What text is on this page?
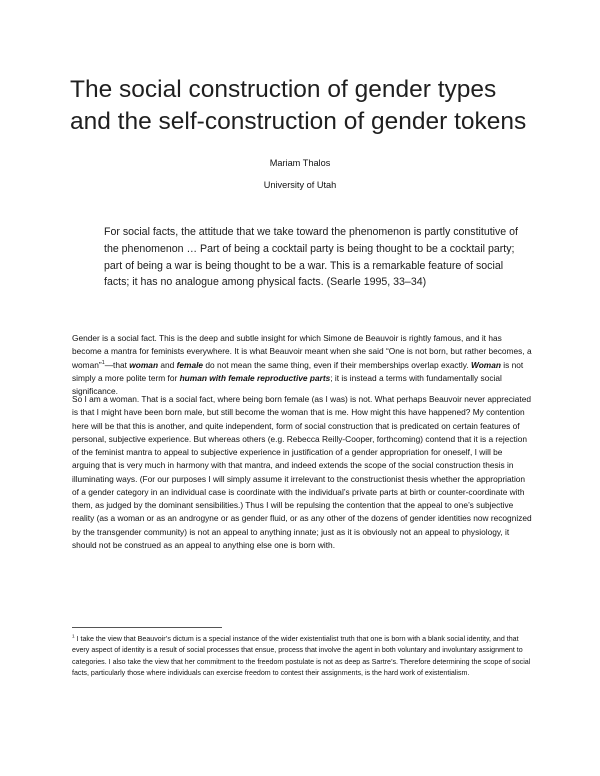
The social construction of gender types and the self-construction of gender tokens
Mariam Thalos
University of Utah
For social facts, the attitude that we take toward the phenomenon is partly constitutive of the phenomenon … Part of being a cocktail party is being thought to be a cocktail party; part of being a war is being thought to be a war. This is a remarkable feature of social facts; it has no analogue among physical facts. (Searle 1995, 33–34)

Gender is a social fact. This is the deep and subtle insight for which Simone de Beauvoir is rightly famous, and it has become a mantra for feminists everywhere. It is what Beauvoir meant when she said “One is not born, but rather becomes, a woman”$^1$—that woman and female do not mean the same thing, even if their memberships overlap exactly. Woman is not simply a more polite term for human with female reproductive parts; it is instead a terms with fundamentally social significance.

So I am a woman. That is a social fact, where being born female (as I was) is not. What perhaps Beauvoir never appreciated is that I might have been born male, but still become the woman that is me. How might this have happened? My contention here will be that this is another, and quite independent, form of social construction that is predicated on certain features of personal, subjective experience. But whereas others (e.g. Rebecca Reilly-Cooper, forthcoming) contend that it is a rejection of the feminist mantra to appeal to subjective experience in justification of a gender appropriation for oneself, I will be arguing that is very much in harmony with that mantra, and indeed extends the scope of the social construction thesis in illuminating ways. (For our purposes I will simply assume it irrelevant to the constructionist thesis whether the appropriation of a gender category in an individual case is coordinate with the individual’s private parts at birth or counter-coordinate with them, as judged by the dominant sensibilities.) Thus I will be repulsing the contention that the appeal to one’s subjective reality (as a woman or as an androgyne or as gender fluid, or as any other of the dozens of gender identities now recognized by the transgender community) is not an appeal to anything innate; just as it is obviously not an appeal to physiology, it should not be construed as an appeal to anything else one is born with.

$^1$ I take the view that Beauvoir’s dictum is a special instance of the wider existentialist truth that one is born with a blank social identity, and that every aspect of identity is a result of social processes that ensue, process that involve the agent in both voluntary and involuntary assignment to categories. I also take the view that her commitment to the freedom postulate is not as deep as Sartre’s. Therefore determining the scope of social facts, particularly those where individuals can exercise freedom to contest their assignments, is the hard work of existentialism.
